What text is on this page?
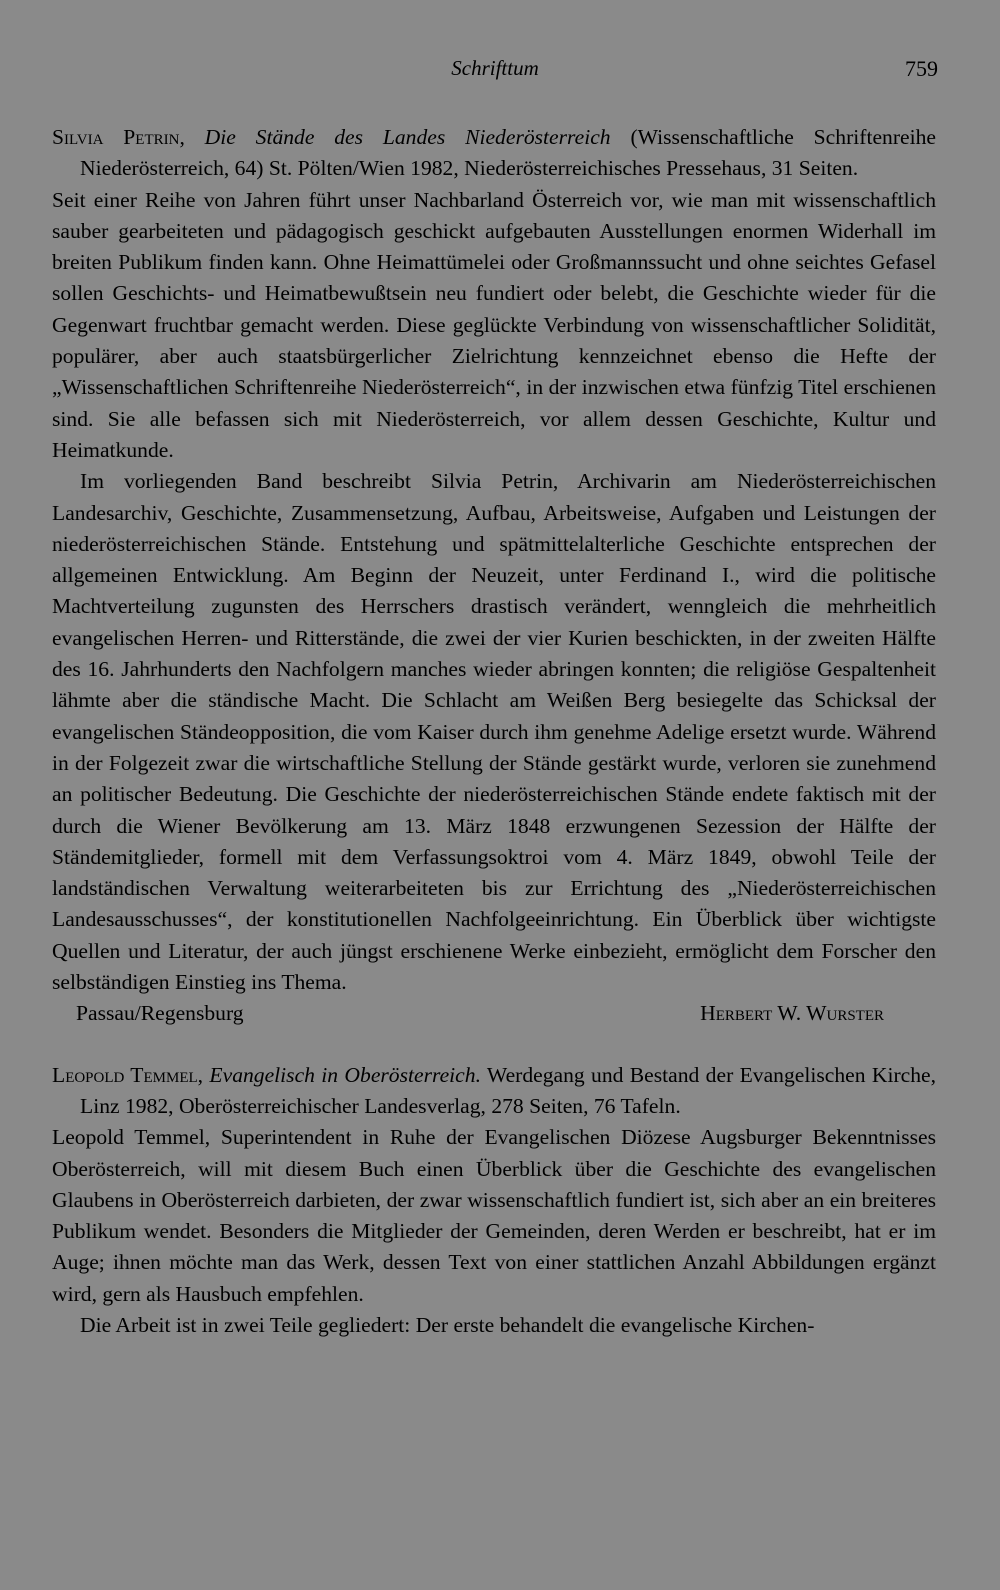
Schrifttum	759

Silvia Petrin, Die Stände des Landes Niederösterreich (Wissenschaftliche Schriftenreihe Niederösterreich, 64) St. Pölten/Wien 1982, Niederösterreichisches Pressehaus, 31 Seiten.

Seit einer Reihe von Jahren führt unser Nachbarland Österreich vor, wie man mit wissenschaftlich sauber gearbeiteten und pädagogisch geschickt aufgebauten Ausstellungen enormen Widerhall im breiten Publikum finden kann. Ohne Heimattümelei oder Großmannssucht und ohne seichtes Gefasel sollen Geschichts- und Heimatbewußtsein neu fundiert oder belebt, die Geschichte wieder für die Gegenwart fruchtbar gemacht werden. Diese geglückte Verbindung von wissenschaftlicher Solidität, populärer, aber auch staatsbürgerlicher Zielrichtung kennzeichnet ebenso die Hefte der „Wissenschaftlichen Schriftenreihe Niederösterreich“, in der inzwischen etwa fünfzig Titel erschienen sind. Sie alle befassen sich mit Niederösterreich, vor allem dessen Geschichte, Kultur und Heimatkunde.

Im vorliegenden Band beschreibt Silvia Petrin, Archivarin am Niederösterreichischen Landesarchiv, Geschichte, Zusammensetzung, Aufbau, Arbeitsweise, Aufgaben und Leistungen der niederösterreichischen Stände. Entstehung und spätmittelalterliche Geschichte entsprechen der allgemeinen Entwicklung. Am Beginn der Neuzeit, unter Ferdinand I., wird die politische Machtverteilung zugunsten des Herrschers drastisch verändert, wenngleich die mehrheitlich evangelischen Herren- und Ritterstände, die zwei der vier Kurien beschickten, in der zweiten Hälfte des 16. Jahrhunderts den Nachfolgern manches wieder abringen konnten; die religiöse Gespaltenheit lähmte aber die ständische Macht. Die Schlacht am Weißen Berg besiegelte das Schicksal der evangelischen Ständeopposition, die vom Kaiser durch ihm genehme Adelige ersetzt wurde. Während in der Folgezeit zwar die wirtschaftliche Stellung der Stände gestärkt wurde, verloren sie zunehmend an politischer Bedeutung. Die Geschichte der niederösterreichischen Stände endete faktisch mit der durch die Wiener Bevölkerung am 13. März 1848 erzwungenen Sezession der Hälfte der Ständemitglieder, formell mit dem Verfassungsoktroi vom 4. März 1849, obwohl Teile der landständischen Verwaltung weiterarbeiteten bis zur Errichtung des „Niederösterreichischen Landesausschusses“, der konstitutionellen Nachfolgeeinrichtung. Ein Überblick über wichtigste Quellen und Literatur, der auch jüngst erschienene Werke einbezieht, ermöglicht dem Forscher den selbständigen Einstieg ins Thema.

Passau/Regensburg	Herbert W. Wurster

Leopold Temmel, Evangelisch in Oberösterreich. Werdegang und Bestand der Evangelischen Kirche, Linz 1982, Oberösterreichischer Landesverlag, 278 Seiten, 76 Tafeln.

Leopold Temmel, Superintendent in Ruhe der Evangelischen Diözese Augsburger Bekenntnisses Oberösterreich, will mit diesem Buch einen Überblick über die Geschichte des evangelischen Glaubens in Oberösterreich darbieten, der zwar wissenschaftlich fundiert ist, sich aber an ein breiteres Publikum wendet. Besonders die Mitglieder der Gemeinden, deren Werden er beschreibt, hat er im Auge; ihnen möchte man das Werk, dessen Text von einer stattlichen Anzahl Abbildungen ergänzt wird, gern als Hausbuch empfehlen.

Die Arbeit ist in zwei Teile gegliedert: Der erste behandelt die evangelische Kirchen-
